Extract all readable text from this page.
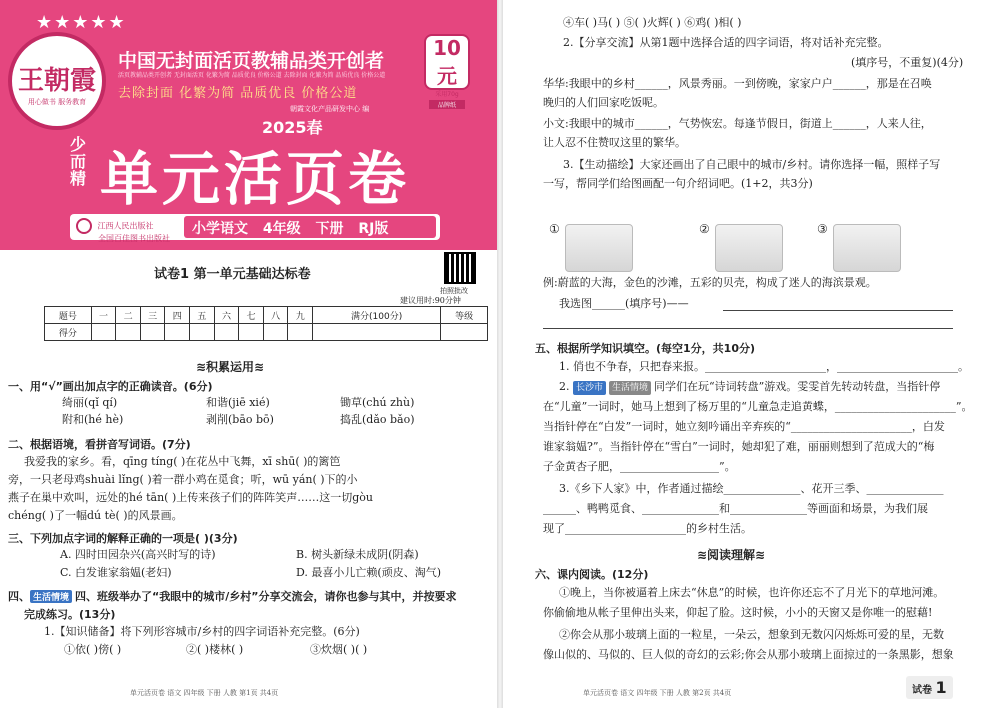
★★★★★
王朝霞
用心做书 服务教育
中国无封面活页教辅品类开创者
活页教辅品类开创者 无封面活页 化繁为简 品质优良 价格公道 去除封面 化繁为简 品质优良 价格公道
去除封面 化繁为简 品质优良 价格公道
10元
采用70g
品牌纸
朝霞文化产品研发中心 编
2025春
少而精 单元活页卷
江西人民出版社
全国百佳图书出版社
小学语文 4年级 下册 RJ版
试卷1 第一单元基础达标卷
拍照批改
建议用时:90分钟
题号	一	二	三	四	五	六	七	八	九	满分(100分)	等级
得分											
≋积累运用≋
一、用“√”画出加点字的正确读音。(6分)
绮丽(qǐ qí)	和谐(jiē xié)	锄草(chú zhù)
附和(hé hè)	剥削(bāo bō)	捣乱(dǎo bǎo)
二、根据语境，看拼音写词语。(7分)
我爱我的家乡。看，qīng tíng( )在花丛中飞舞，xī shū( )的篱笆
旁，一只老母鸡shuài lǐng( )着一群小鸡在觅食；听，wū yán( )下的小
燕子在巢中欢叫，远处的hé tān( )上传来孩子们的阵阵笑声……这一切gòu
chéng( )了一幅dú tè( )的风景画。
三、下列加点字词的解释正确的一项是( )(3分)
A. 四时田园杂兴(高兴时写的诗)	B. 树头新绿未成阴(阴森)
C. 白发谁家翁媪(老妇)	D. 最喜小儿亡赖(顽皮、淘气)
四、 生活情境 四、班级举办了“我眼中的城市/乡村”分享交流会，请你也参与其中，并按要求
完成练习。(13分)
1.【知识储备】将下列形容城市/乡村的四字词语补充完整。(6分)
①依( )傍( )	②( )楼林( )	③炊烟( )( )
单元活页卷 语文 四年级 下册 人教 第1页 共4页
④车( )马( ) ⑤( )火辉( ) ⑥鸡( )相( )
2.【分享交流】从第1题中选择合适的四字词语，将对话补充完整。
(填序号，不重复)(4分)
华华:我眼中的乡村______，风景秀丽。一到傍晚，家家户户______，那是在召唤
晚归的人们回家吃饭呢。
小文:我眼中的城市______，气势恢宏。每逢节假日，街道上______，人来人往，
让人忍不住赞叹这里的繁华。
3.【生动描绘】大家还画出了自己眼中的城市/乡村。请你选择一幅，照样子写
一写，帮同学们给图画配一句介绍词吧。(1+2，共3分)
①	②	③
例:蔚蓝的大海，金色的沙滩，五彩的贝壳，构成了迷人的海滨景观。
我选图______(填序号)——
五、根据所学知识填空。(每空1分，共10分)
1. 俏也不争春，只把春来报。______________________，______________________。
2. 长沙市 生活情境 同学们在玩“诗词转盘”游戏。雯雯首先转动转盘，当指针停
在“儿童”一词时，她马上想到了杨万里的“儿童急走追黄蝶，______________________”。
当指针停在“白发”一词时，她立刻吟诵出辛弃疾的“______________________，白发
谁家翁媪?”。当指针停在“雪白”一词时，她却犯了难，丽丽则想到了范成大的“梅
子金黄杏子肥，__________________”。
3.《乡下人家》中，作者通过描绘______________、花开三季、______________
______、鸭鸭觅食、______________和______________等画面和场景，为我们展
现了______________________的乡村生活。
≋阅读理解≋
六、课内阅读。(12分)
①晚上，当你被逼着上床去“休息”的时候，也许你还忘不了月光下的草地河滩。
你偷偷地从帐子里伸出头来，仰起了脸。这时候，小小的天窗又是你唯一的慰藉!
②你会从那小玻璃上面的一粒星，一朵云，想象到无数闪闪烁烁可爱的星，无数
像山似的、马似的、巨人似的奇幻的云彩;你会从那小玻璃上面掠过的一条黑影，想象
单元活页卷 语文 四年级 下册 人教 第2页 共4页	试卷 1
